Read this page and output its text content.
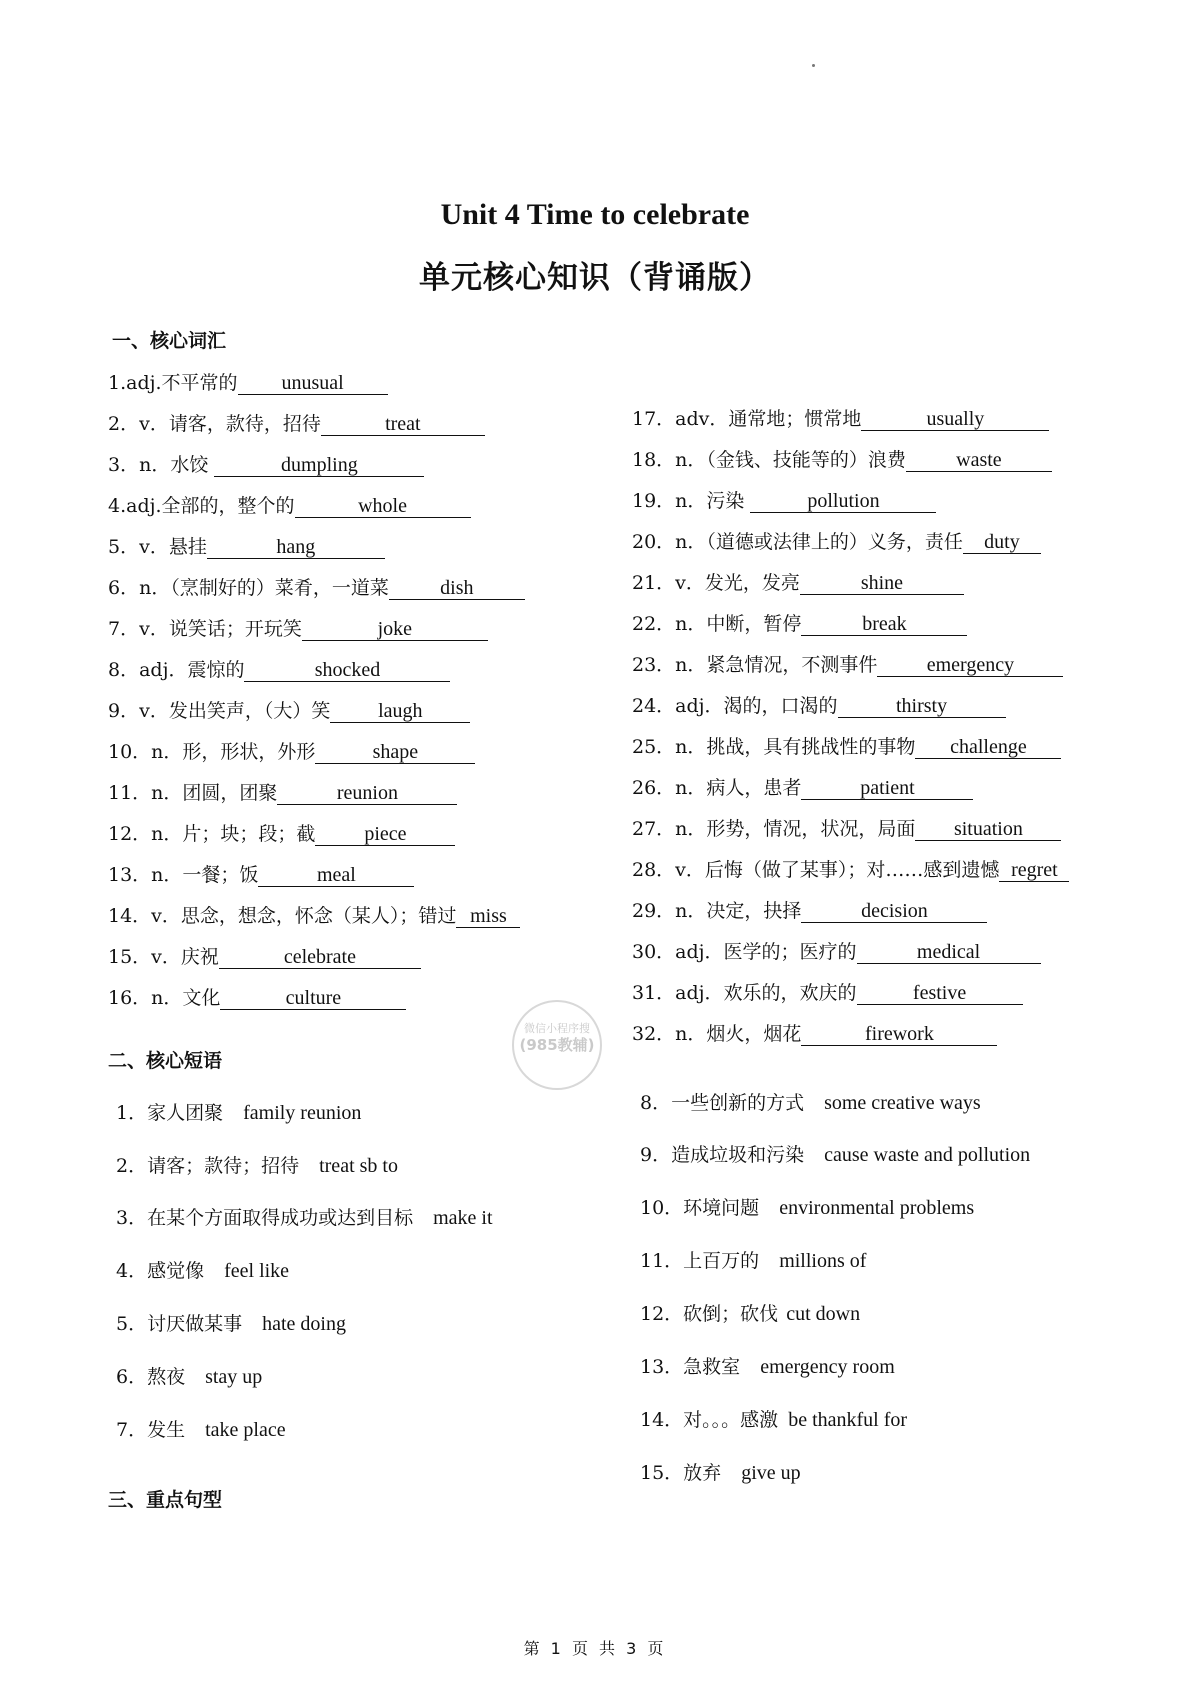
Unit 4 Time to celebrate
单元核心知识（背诵版）
一、核心词汇
1.adj.不平常的 unusual
2．v．请客，款待，招待	treat
3．n．水饺	dumpling
4.adj.全部的，整个的	whole
5．v．悬挂	hang
6．n．（烹制好的）菜肴，一道菜	dish
7．v．说笑话；开玩笑	joke
8．adj．震惊的	shocked
9．v．发出笑声，（大）笑 laugh
10．n．形，形状，外形	shape
11．n．团圆，团聚	reunion
12．n．片；块；段；截 piece
13．n．一餐；饭	meal
14．v．思念，想念，怀念（某人）；错过 miss
15．v．庆祝	celebrate
16．n．文化	culture
17．adv．通常地；惯常地	usually
18．n．（金钱、技能等的）浪费	waste
19．n．污染	pollution
20．n．（道德或法律上的）义务，责任 duty
21．v．发光，发亮	shine
22．n．中断，暂停	break
23．n．紧急情况，不测事件 emergency
24．adj．渴的，口渴的	thirsty
25．n．挑战，具有挑战性的事物 challenge
26．n．病人，患者	patient
27．n．形势，情况，状况，局面 situation
28．v．后悔（做了某事）；对……感到遗憾 regret
29．n．决定，抉择	decision
30．adj．医学的；医疗的	medical
31．adj．欢乐的，欢庆的	festive
32．n．烟火，烟花	firework
微信小程序搜
(985教辅)
二、核心短语
1．家人团聚 family reunion
2．请客；款待；招待 treat sb to
3．在某个方面取得成功或达到目标 make it
4．感觉像 feel like
5．讨厌做某事 hate doing
6．熬夜 stay up
7．发生 take place
8．一些创新的方式 some creative ways
9．造成垃圾和污染 cause waste and pollution
10．环境问题 environmental problems
11．上百万的 millions of
12．砍倒；砍伐 cut down
13．急救室 emergency room
14．对。。。感激 be thankful for
15．放弃 give up
三、重点句型
第 1 页 共 3 页
